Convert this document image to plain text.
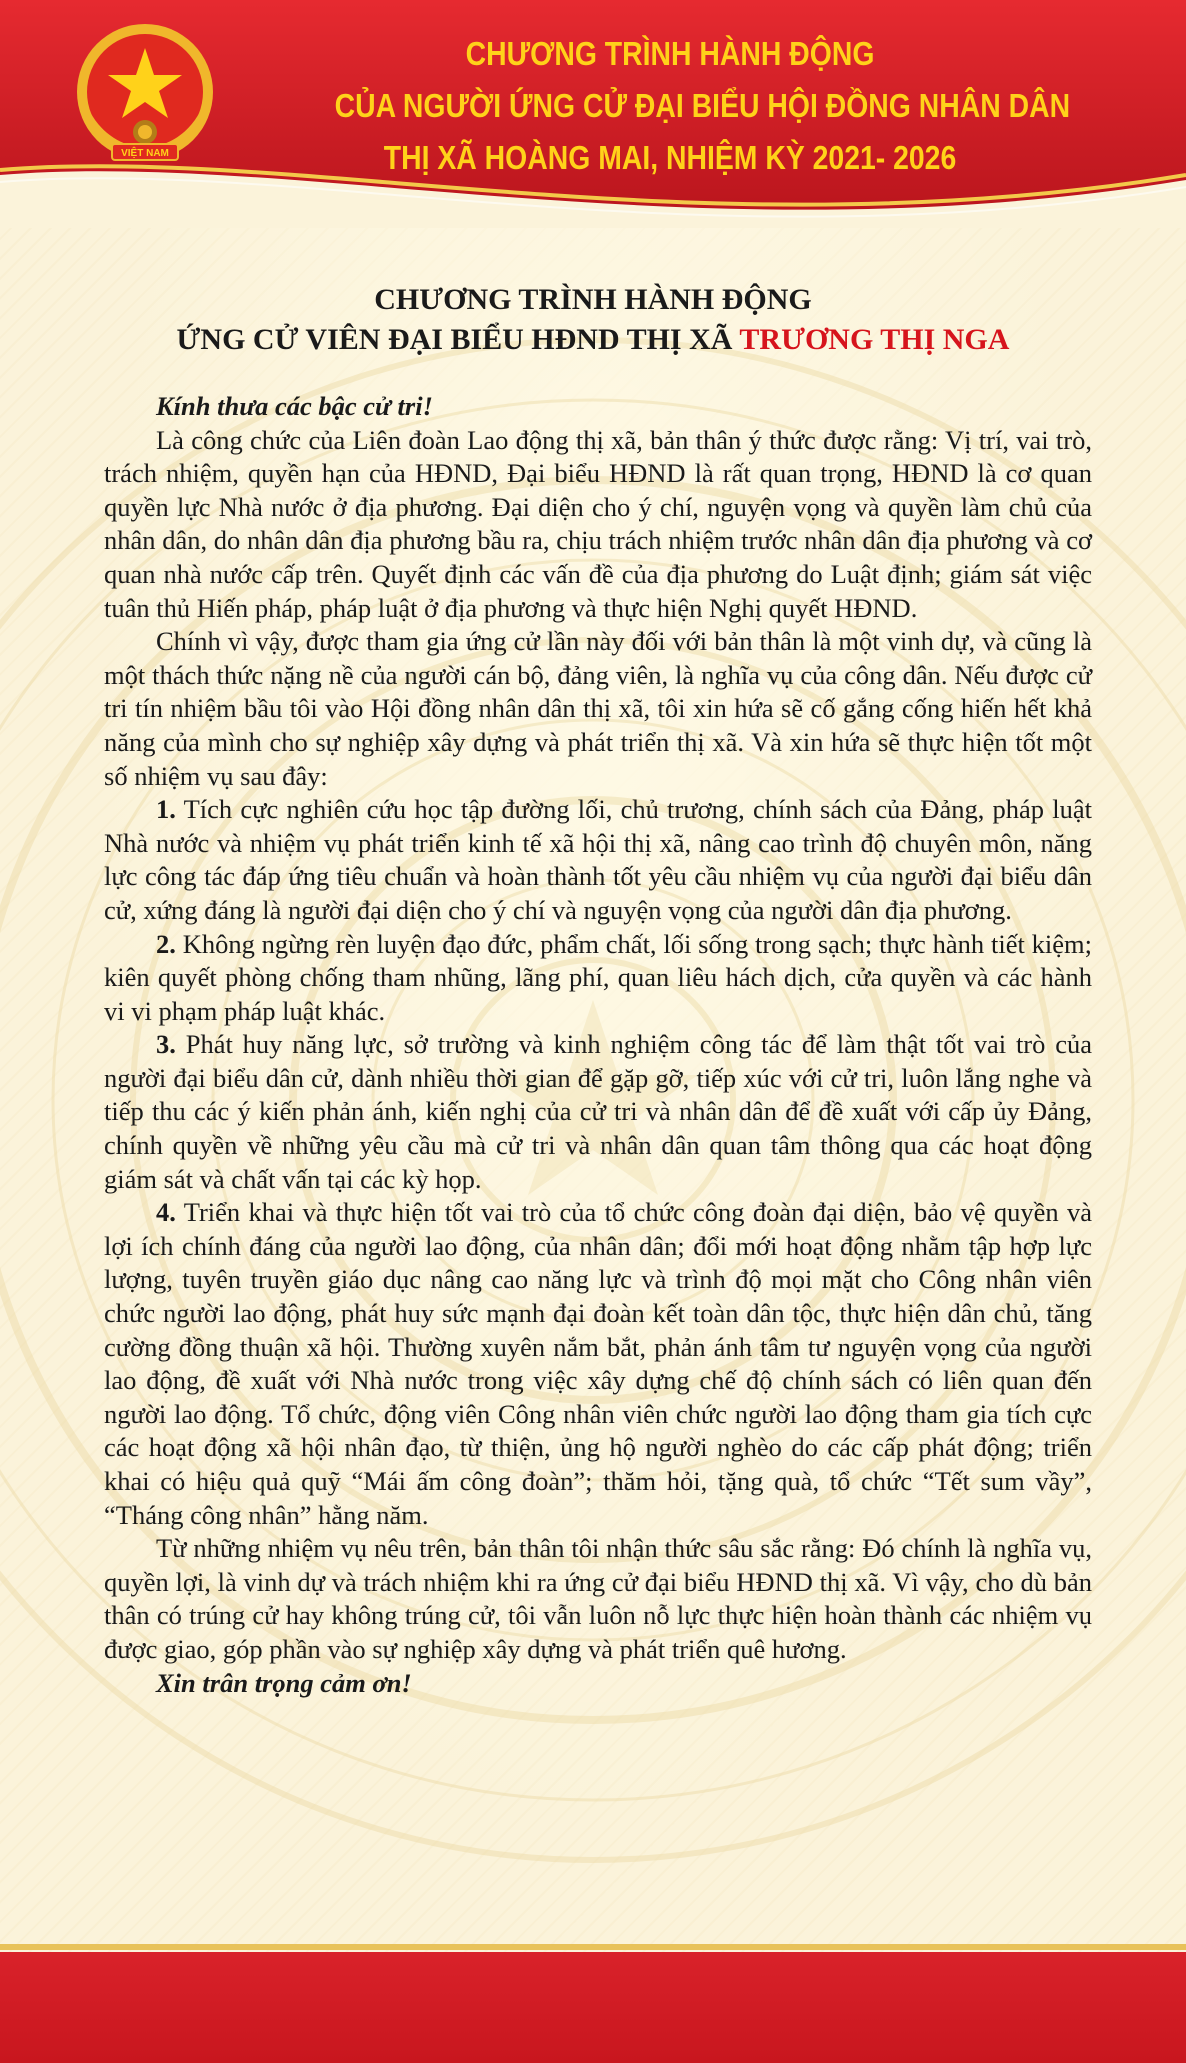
VIỆT NAM
CHƯƠNG TRÌNH HÀNH ĐỘNG
CỦA NGƯỜI ỨNG CỬ ĐẠI BIỂU HỘI ĐỒNG NHÂN DÂN
THỊ XÃ HOÀNG MAI, NHIỆM KỲ 2021- 2026
CHƯƠNG TRÌNH HÀNH ĐỘNG
ỨNG CỬ VIÊN ĐẠI BIỂU HĐND THỊ XÃ TRƯƠNG THỊ NGA

Kính thưa các bậc cử tri!

Là công chức của Liên đoàn Lao động thị xã, bản thân ý thức được rằng: Vị trí, vai trò, trách nhiệm, quyền hạn của HĐND, Đại biểu HĐND là rất quan trọng, HĐND là cơ quan quyền lực Nhà nước ở địa phương. Đại diện cho ý chí, nguyện vọng và quyền làm chủ của nhân dân, do nhân dân địa phương bầu ra, chịu trách nhiệm trước nhân dân địa phương và cơ quan nhà nước cấp trên. Quyết định các vấn đề của địa phương do Luật định; giám sát việc tuân thủ Hiến pháp, pháp luật ở địa phương và thực hiện Nghị quyết HĐND.

Chính vì vậy, được tham gia ứng cử lần này đối với bản thân là một vinh dự, và cũng là một thách thức nặng nề của người cán bộ, đảng viên, là nghĩa vụ của công dân. Nếu được cử tri tín nhiệm bầu tôi vào Hội đồng nhân dân thị xã, tôi xin hứa sẽ cố gắng cống hiến hết khả năng của mình cho sự nghiệp xây dựng và phát triển thị xã. Và xin hứa sẽ thực hiện tốt một số nhiệm vụ sau đây:

1. Tích cực nghiên cứu học tập đường lối, chủ trương, chính sách của Đảng, pháp luật Nhà nước và nhiệm vụ phát triển kinh tế xã hội thị xã, nâng cao trình độ chuyên môn, năng lực công tác đáp ứng tiêu chuẩn và hoàn thành tốt yêu cầu nhiệm vụ của người đại biểu dân cử, xứng đáng là người đại diện cho ý chí và nguyện vọng của người dân địa phương.

2. Không ngừng rèn luyện đạo đức, phẩm chất, lối sống trong sạch; thực hành tiết kiệm; kiên quyết phòng chống tham nhũng, lãng phí, quan liêu hách dịch, cửa quyền và các hành vi vi phạm pháp luật khác.

3. Phát huy năng lực, sở trường và kinh nghiệm công tác để làm thật tốt vai trò của người đại biểu dân cử, dành nhiều thời gian để gặp gỡ, tiếp xúc với cử tri, luôn lắng nghe và tiếp thu các ý kiến phản ánh, kiến nghị của cử tri và nhân dân để đề xuất với cấp ủy Đảng, chính quyền về những yêu cầu mà cử tri và nhân dân quan tâm thông qua các hoạt động giám sát và chất vấn tại các kỳ họp.

4. Triển khai và thực hiện tốt vai trò của tổ chức công đoàn đại diện, bảo vệ quyền và lợi ích chính đáng của người lao động, của nhân dân; đổi mới hoạt động nhằm tập hợp lực lượng, tuyên truyền giáo dục nâng cao năng lực và trình độ mọi mặt cho Công nhân viên chức người lao động, phát huy sức mạnh đại đoàn kết toàn dân tộc, thực hiện dân chủ, tăng cường đồng thuận xã hội. Thường xuyên nắm bắt, phản ánh tâm tư nguyện vọng của người lao động, đề xuất với Nhà nước trong việc xây dựng chế độ chính sách có liên quan đến người lao động. Tổ chức, động viên Công nhân viên chức người lao động tham gia tích cực các hoạt động xã hội nhân đạo, từ thiện, ủng hộ người nghèo do các cấp phát động; triển khai có hiệu quả quỹ “Mái ấm công đoàn”; thăm hỏi, tặng quà, tổ chức “Tết sum vầy”, “Tháng công nhân” hằng năm.

Từ những nhiệm vụ nêu trên, bản thân tôi nhận thức sâu sắc rằng: Đó chính là nghĩa vụ, quyền lợi, là vinh dự và trách nhiệm khi ra ứng cử đại biểu HĐND thị xã. Vì vậy, cho dù bản thân có trúng cử hay không trúng cử, tôi vẫn luôn nỗ lực thực hiện hoàn thành các nhiệm vụ được giao, góp phần vào sự nghiệp xây dựng và phát triển quê hương.

Xin trân trọng cảm ơn!
